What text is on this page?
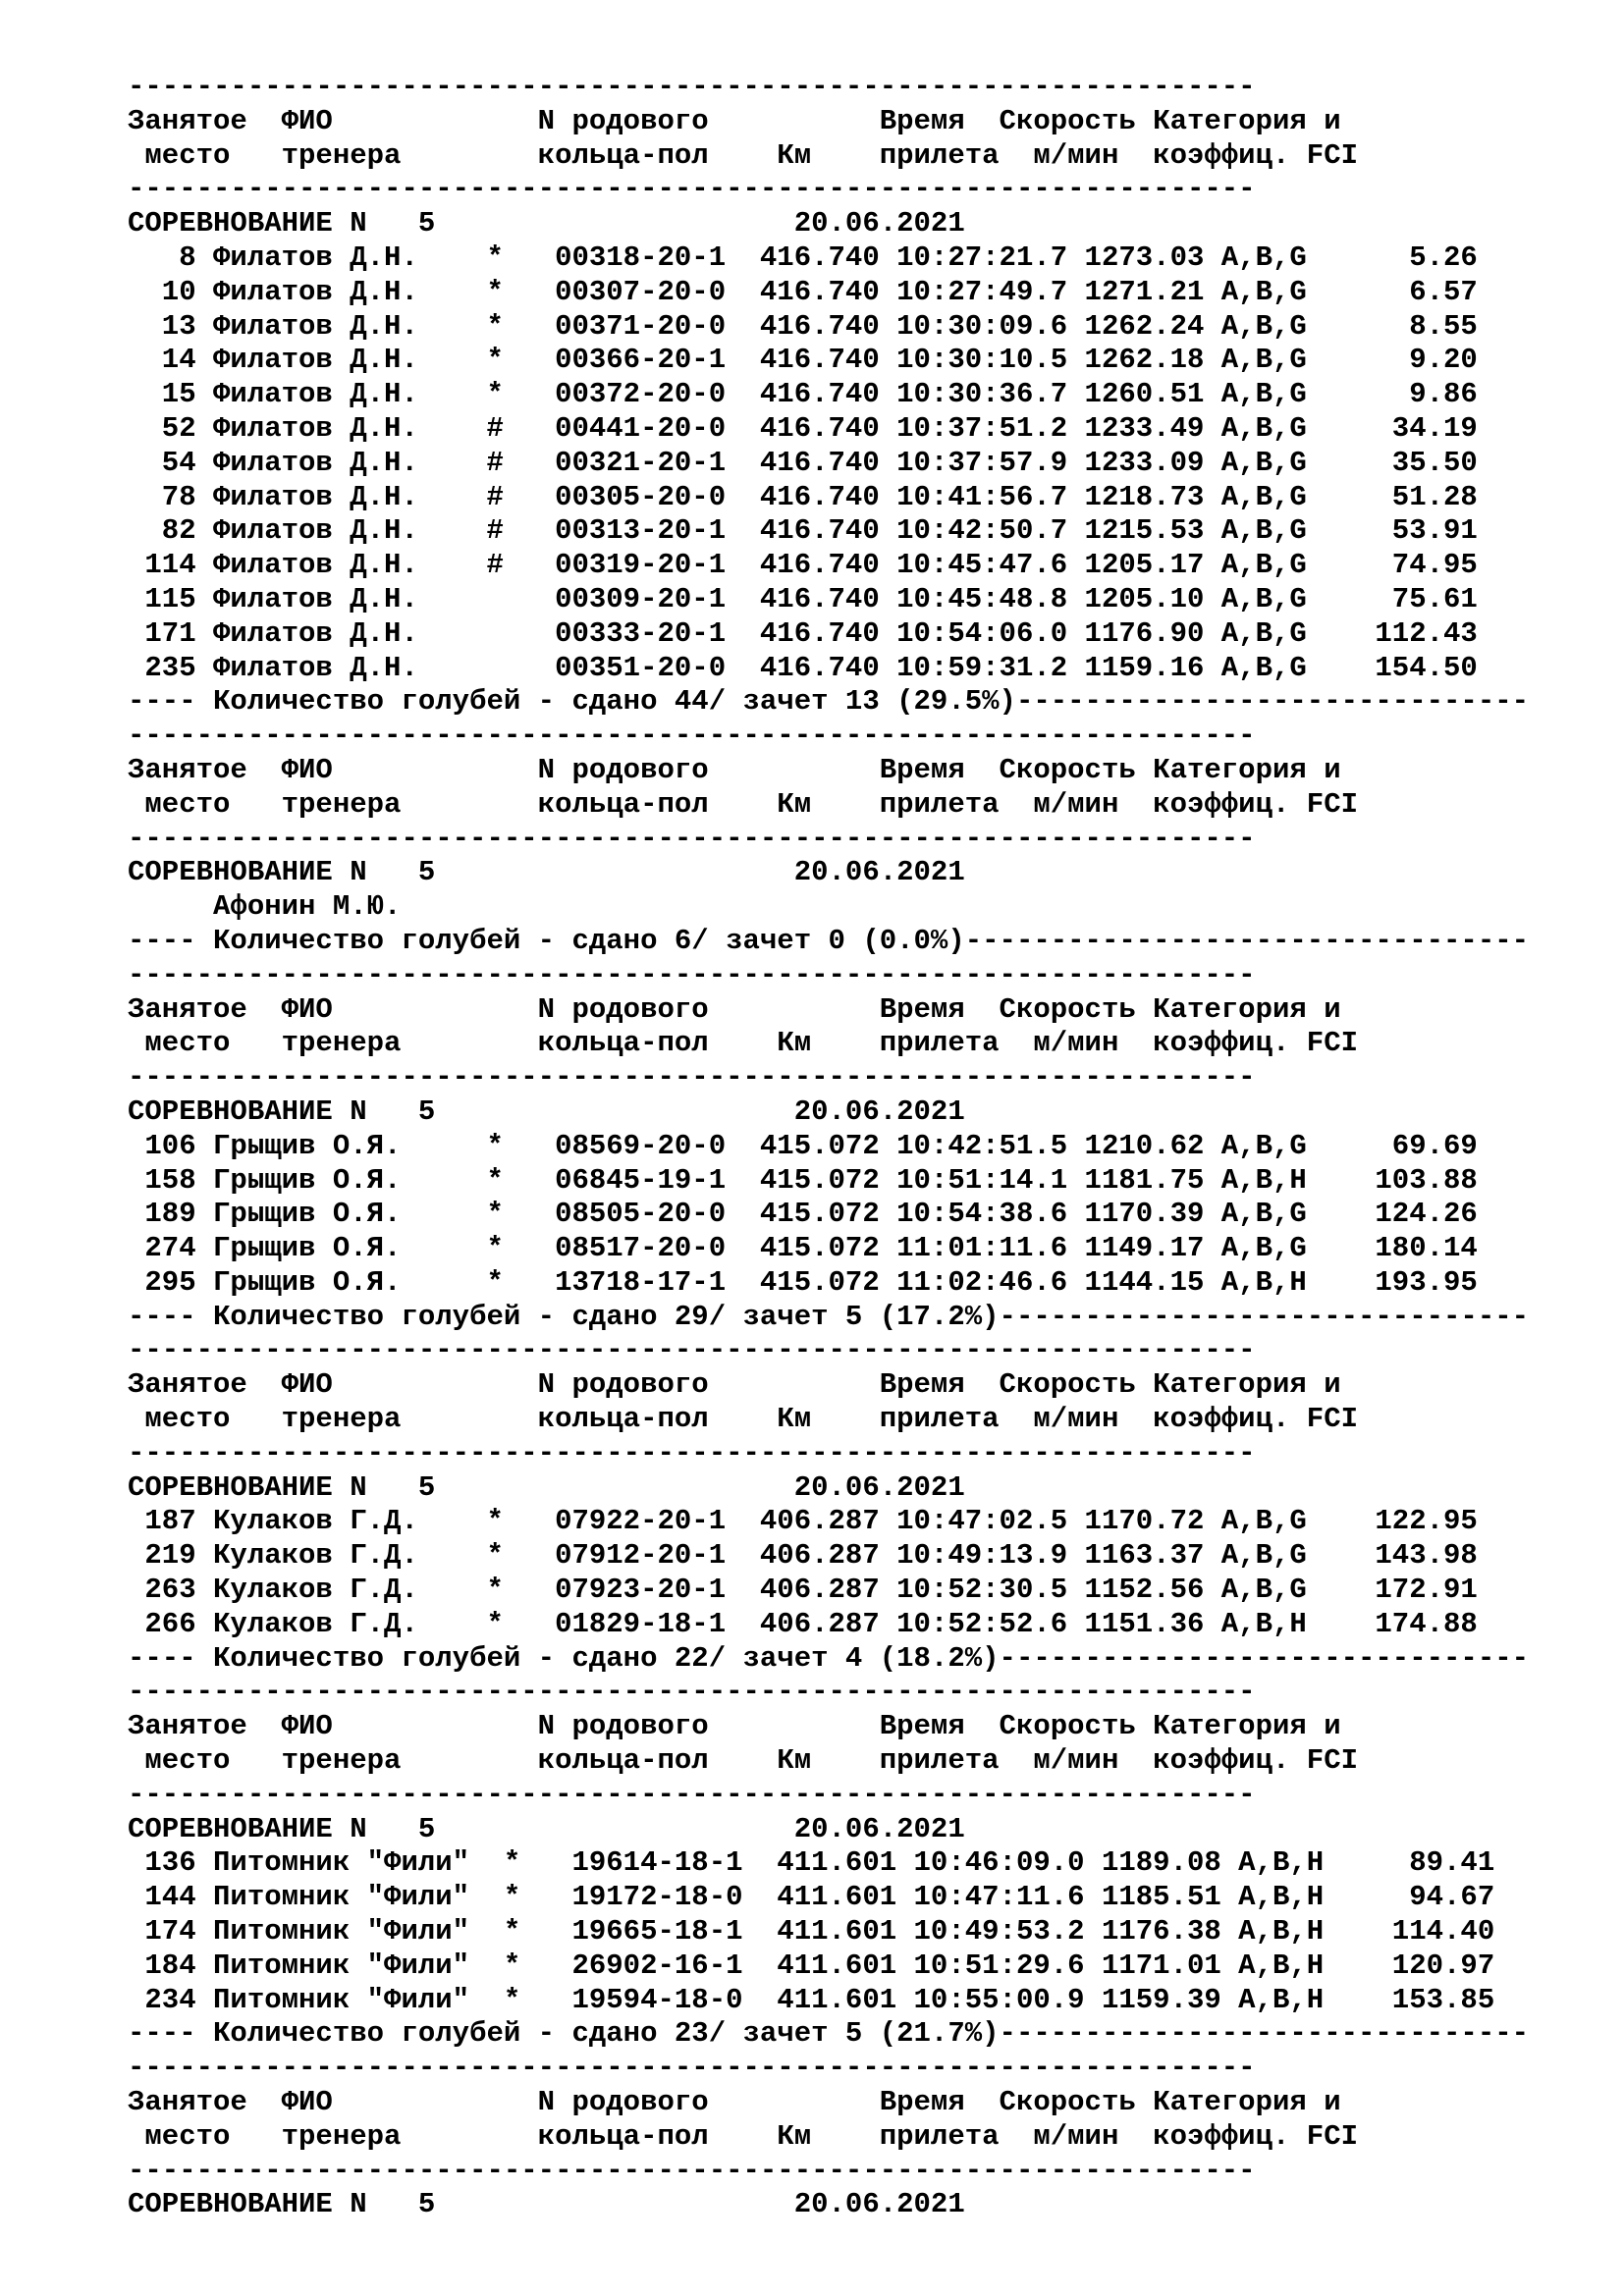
------------------------------------------------------------------
Занятое  ФИО            N родового          Время  Скорость Категория и
место   тренера        кольца-пол    Км    прилета  м/мин  коэффиц. FCI
------------------------------------------------------------------
СОРЕВНОВАНИЕ N   5                     20.06.2021
8 Филатов Д.Н.    *   00318-20-1  416.740 10:27:21.7 1273.03 A,B,G      5.26
10 Филатов Д.Н.    *   00307-20-0  416.740 10:27:49.7 1271.21 A,B,G      6.57
13 Филатов Д.Н.    *   00371-20-0  416.740 10:30:09.6 1262.24 A,B,G      8.55
14 Филатов Д.Н.    *   00366-20-1  416.740 10:30:10.5 1262.18 A,B,G      9.20
15 Филатов Д.Н.    *   00372-20-0  416.740 10:30:36.7 1260.51 A,B,G      9.86
52 Филатов Д.Н.    #   00441-20-0  416.740 10:37:51.2 1233.49 A,B,G     34.19
54 Филатов Д.Н.    #   00321-20-1  416.740 10:37:57.9 1233.09 A,B,G     35.50
78 Филатов Д.Н.    #   00305-20-0  416.740 10:41:56.7 1218.73 A,B,G     51.28
82 Филатов Д.Н.    #   00313-20-1  416.740 10:42:50.7 1215.53 A,B,G     53.91
114 Филатов Д.Н.    #   00319-20-1  416.740 10:45:47.6 1205.17 A,B,G     74.95
115 Филатов Д.Н.        00309-20-1  416.740 10:45:48.8 1205.10 A,B,G     75.61
171 Филатов Д.Н.        00333-20-1  416.740 10:54:06.0 1176.90 A,B,G    112.43
235 Филатов Д.Н.        00351-20-0  416.740 10:59:31.2 1159.16 A,B,G    154.50
---- Количество голубей - сдано 44/ зачет 13 (29.5%)------------------------------
------------------------------------------------------------------
Занятое  ФИО            N родового          Время  Скорость Категория и
место   тренера        кольца-пол    Км    прилета  м/мин  коэффиц. FCI
------------------------------------------------------------------
СОРЕВНОВАНИЕ N   5                     20.06.2021
Афонин М.Ю.
---- Количество голубей - сдано 6/ зачет 0 (0.0%)---------------------------------
------------------------------------------------------------------
Занятое  ФИО            N родового          Время  Скорость Категория и
место   тренера        кольца-пол    Км    прилета  м/мин  коэффиц. FCI
------------------------------------------------------------------
СОРЕВНОВАНИЕ N   5                     20.06.2021
106 Грыщив О.Я.     *   08569-20-0  415.072 10:42:51.5 1210.62 A,B,G     69.69
158 Грыщив О.Я.     *   06845-19-1  415.072 10:51:14.1 1181.75 A,B,H    103.88
189 Грыщив О.Я.     *   08505-20-0  415.072 10:54:38.6 1170.39 A,B,G    124.26
274 Грыщив О.Я.     *   08517-20-0  415.072 11:01:11.6 1149.17 A,B,G    180.14
295 Грыщив О.Я.     *   13718-17-1  415.072 11:02:46.6 1144.15 A,B,H    193.95
---- Количество голубей - сдано 29/ зачет 5 (17.2%)-------------------------------
------------------------------------------------------------------
Занятое  ФИО            N родового          Время  Скорость Категория и
место   тренера        кольца-пол    Км    прилета  м/мин  коэффиц. FCI
------------------------------------------------------------------
СОРЕВНОВАНИЕ N   5                     20.06.2021
187 Кулаков Г.Д.    *   07922-20-1  406.287 10:47:02.5 1170.72 A,B,G    122.95
219 Кулаков Г.Д.    *   07912-20-1  406.287 10:49:13.9 1163.37 A,B,G    143.98
263 Кулаков Г.Д.    *   07923-20-1  406.287 10:52:30.5 1152.56 A,B,G    172.91
266 Кулаков Г.Д.    *   01829-18-1  406.287 10:52:52.6 1151.36 A,B,H    174.88
---- Количество голубей - сдано 22/ зачет 4 (18.2%)-------------------------------
------------------------------------------------------------------
Занятое  ФИО            N родового          Время  Скорость Категория и
место   тренера        кольца-пол    Км    прилета  м/мин  коэффиц. FCI
------------------------------------------------------------------
СОРЕВНОВАНИЕ N   5                     20.06.2021
136 Питомник "Фили"  *   19614-18-1  411.601 10:46:09.0 1189.08 A,B,H     89.41
144 Питомник "Фили"  *   19172-18-0  411.601 10:47:11.6 1185.51 A,B,H     94.67
174 Питомник "Фили"  *   19665-18-1  411.601 10:49:53.2 1176.38 A,B,H    114.40
184 Питомник "Фили"  *   26902-16-1  411.601 10:51:29.6 1171.01 A,B,H    120.97
234 Питомник "Фили"  *   19594-18-0  411.601 10:55:00.9 1159.39 A,B,H    153.85
---- Количество голубей - сдано 23/ зачет 5 (21.7%)-------------------------------
------------------------------------------------------------------
Занятое  ФИО            N родового          Время  Скорость Категория и
место   тренера        кольца-пол    Км    прилета  м/мин  коэффиц. FCI
------------------------------------------------------------------
СОРЕВНОВАНИЕ N   5                     20.06.2021
